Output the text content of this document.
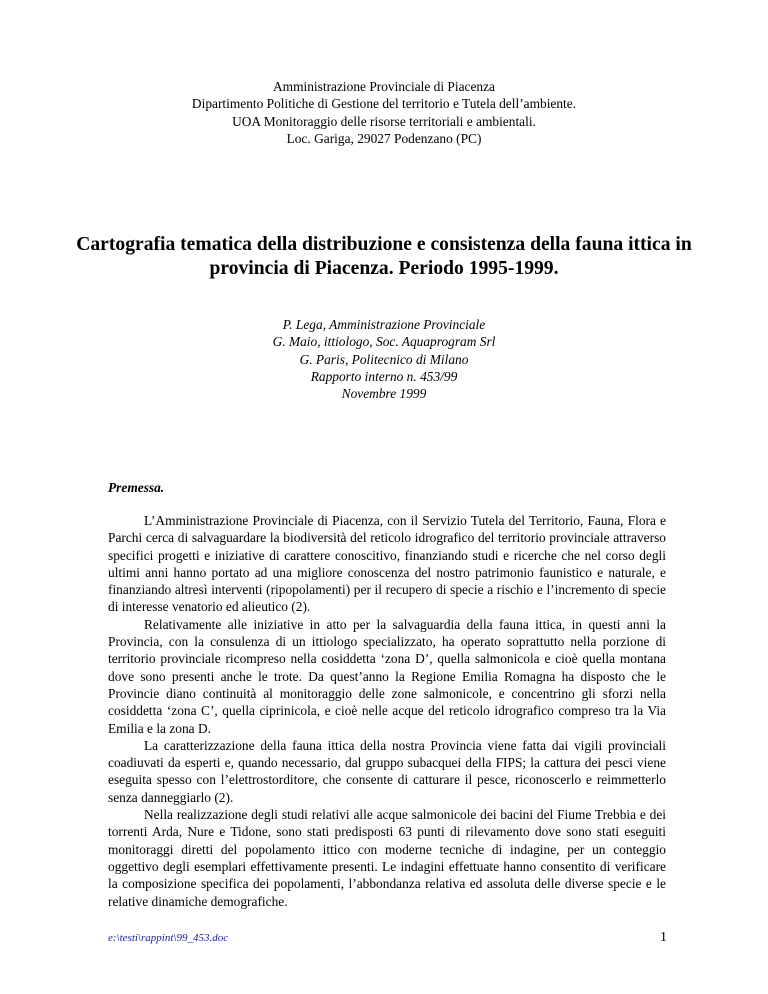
Amministrazione Provinciale di Piacenza
Dipartimento Politiche di Gestione del territorio e Tutela dell’ambiente.
UOA Monitoraggio delle risorse territoriali e ambientali.
Loc. Gariga, 29027 Podenzano (PC)
Cartografia tematica della distribuzione e consistenza della fauna ittica in provincia di Piacenza. Periodo 1995-1999.
P. Lega, Amministrazione Provinciale
G. Maio, ittiologo, Soc. Aquaprogram Srl
G. Paris, Politecnico di Milano
Rapporto interno n. 453/99
Novembre 1999
Premessa.

L’Amministrazione Provinciale di Piacenza, con il Servizio Tutela del Territorio, Fauna, Flora e Parchi cerca di salvaguardare la biodiversità del reticolo idrografico del territorio provinciale attraverso specifici progetti e iniziative di carattere conoscitivo, finanziando studi e ricerche che nel corso degli ultimi anni hanno portato ad una migliore conoscenza del nostro patrimonio faunistico e naturale, e finanziando altresì interventi (ripopolamenti) per il recupero di specie a rischio e l’incremento di specie di interesse venatorio ed alieutico (2).

Relativamente alle iniziative in atto per la salvaguardia della fauna ittica, in questi anni la Provincia, con la consulenza di un ittiologo specializzato, ha operato soprattutto nella porzione di territorio provinciale ricompreso nella cosiddetta ‘zona D’, quella salmonicola e cioè quella montana dove sono presenti anche le trote. Da quest’anno la Regione Emilia Romagna ha disposto che le Provincie diano continuità al monitoraggio delle zone salmonicole, e concentrino gli sforzi nella cosiddetta ‘zona C’, quella ciprinicola, e cioè nelle acque del reticolo idrografico compreso tra la Via Emilia e la zona D.

La caratterizzazione della fauna ittica della nostra Provincia viene fatta dai vigili provinciali coadiuvati da esperti e, quando necessario, dal gruppo subacquei della FIPS; la cattura dei pesci viene eseguita spesso con l’elettrostorditore, che consente di catturare il pesce, riconoscerlo e reimmetterlo senza danneggiarlo (2).

Nella realizzazione degli studi relativi alle acque salmonicole dei bacini del Fiume Trebbia e dei torrenti Arda, Nure e Tidone, sono stati predisposti 63 punti di rilevamento dove sono stati eseguiti monitoraggi diretti del popolamento ittico con moderne tecniche di indagine, per un conteggio oggettivo degli esemplari effettivamente presenti. Le indagini effettuate hanno consentito di verificare la composizione specifica dei popolamenti, l’abbondanza relativa ed assoluta delle diverse specie e le relative dinamiche demografiche.

e:\testi\rappint\99_453.doc	1
